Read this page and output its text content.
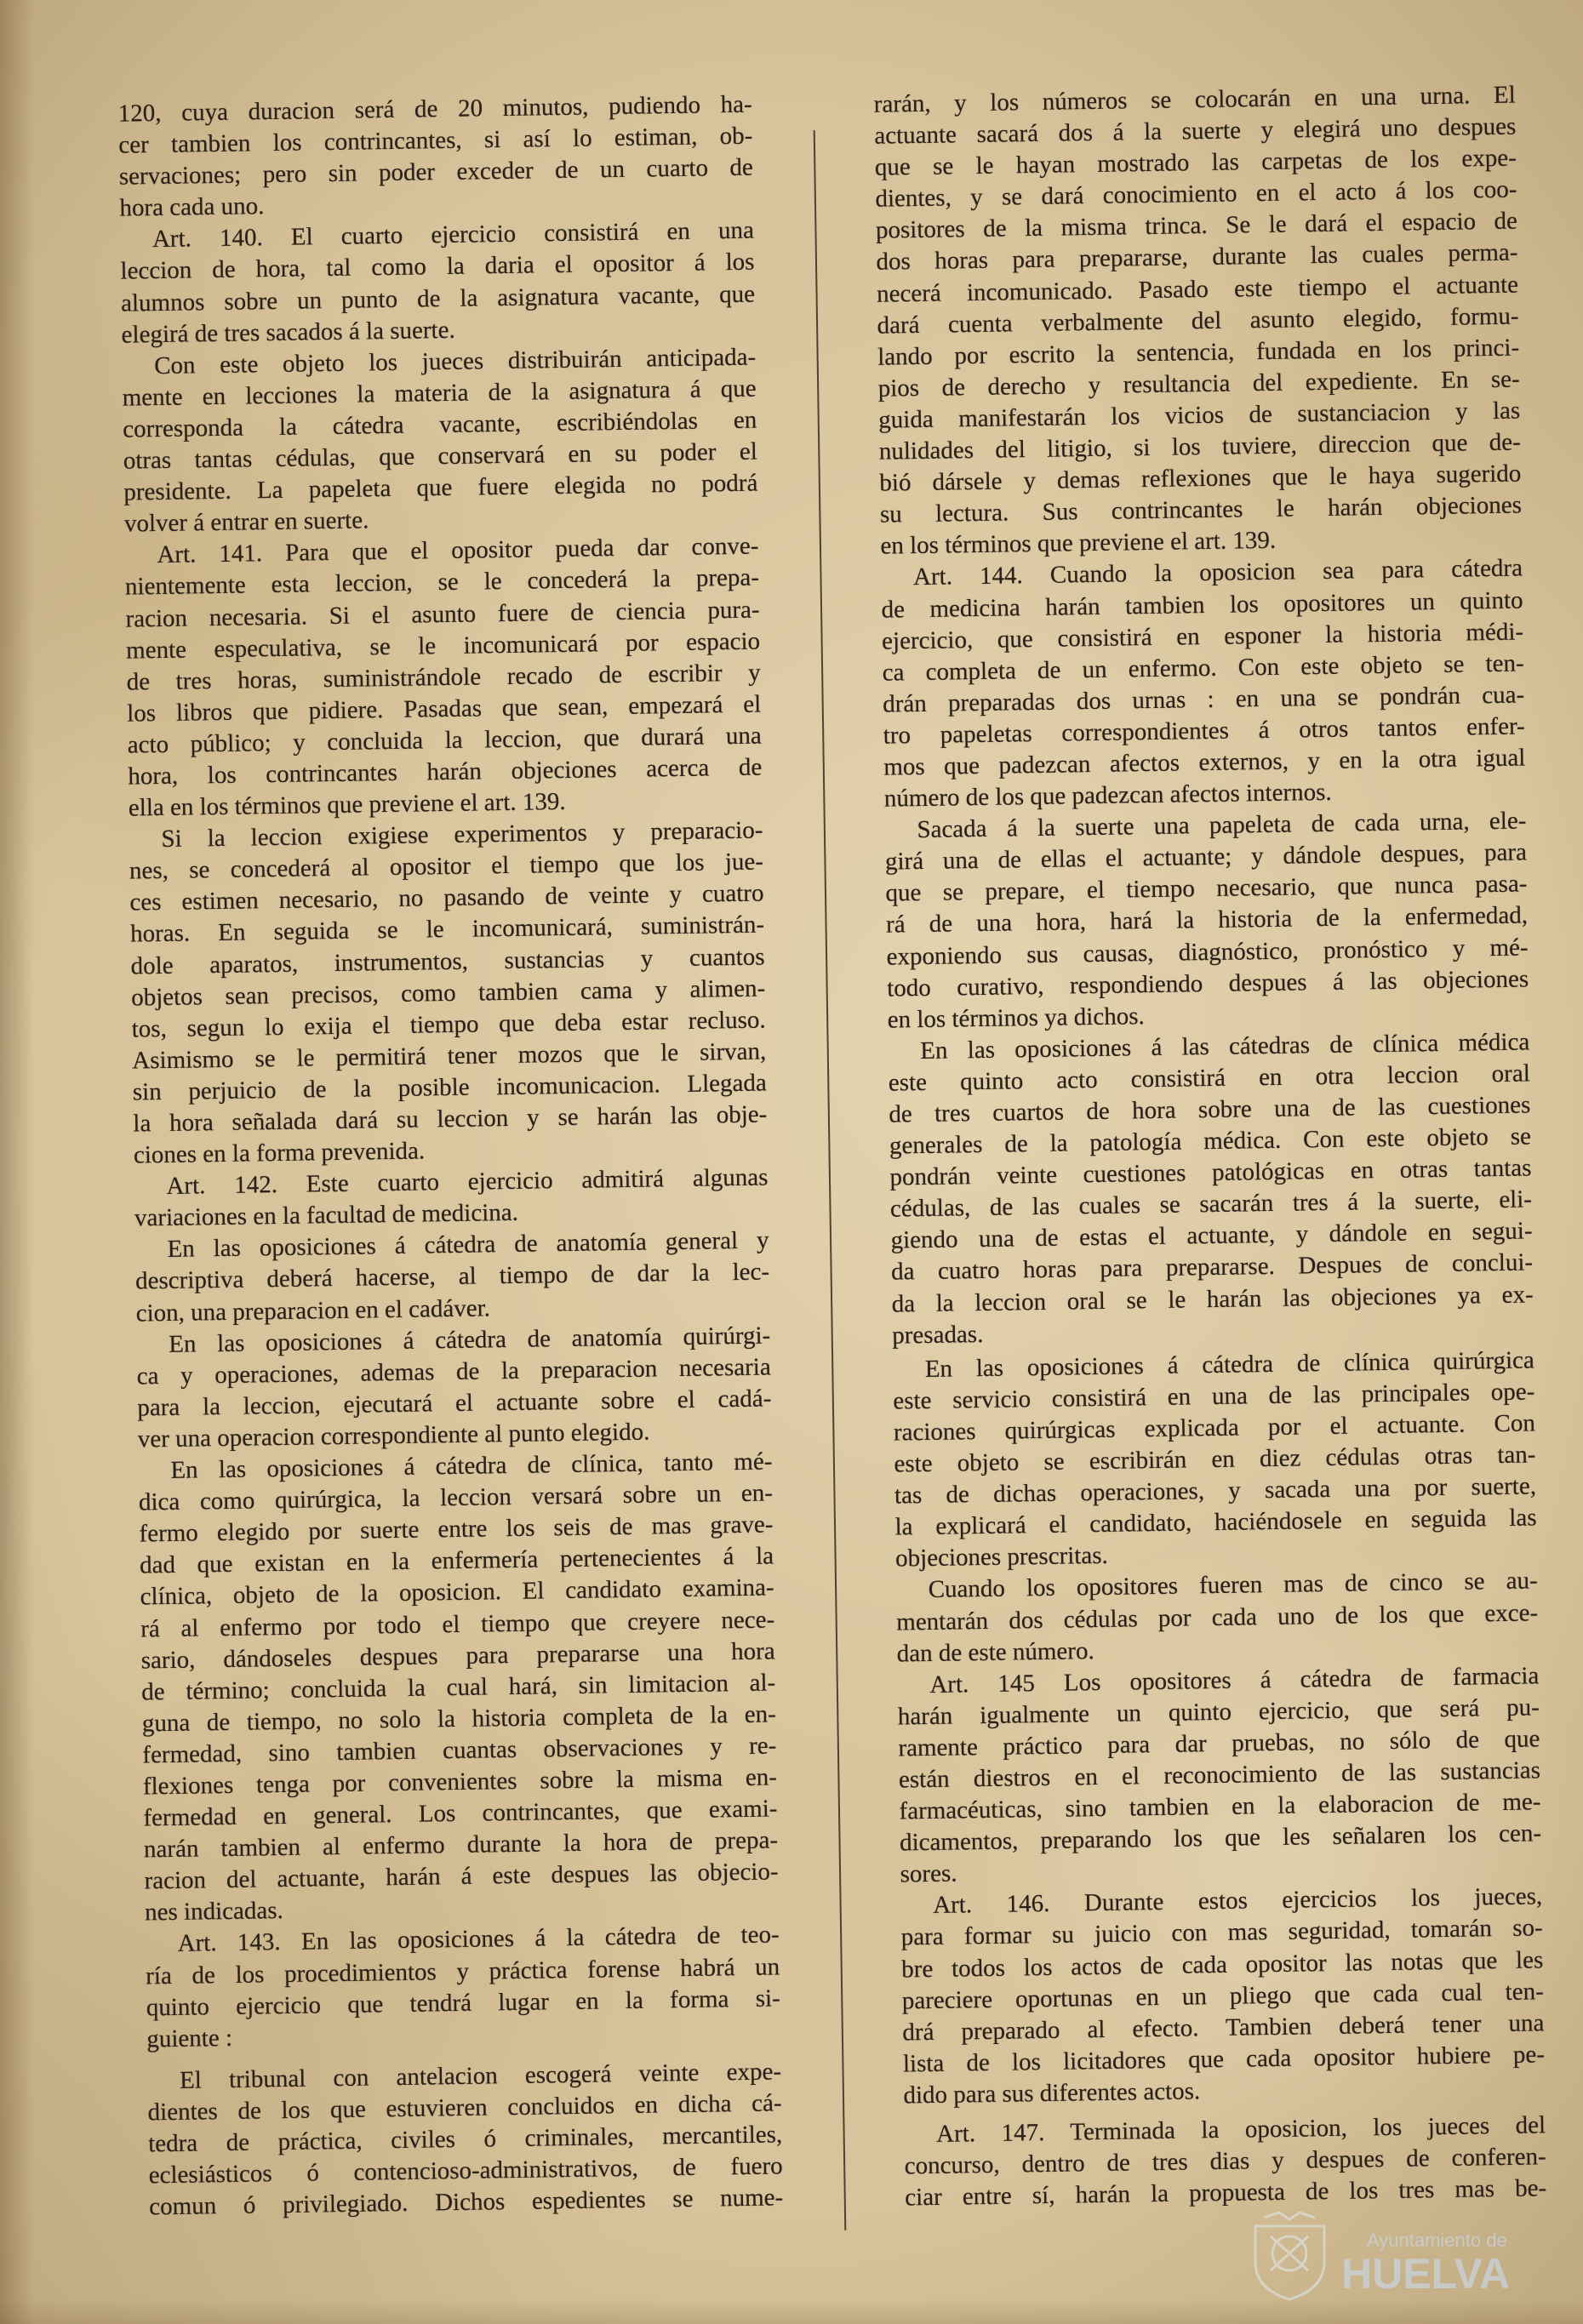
120, cuya duracion será de 20 minutos, pudiendo ha-
cer tambien los contrincantes, si así lo estiman, ob-
servaciones; pero sin poder exceder de un cuarto de
hora cada uno.
Art. 140. El cuarto ejercicio consistirá en una
leccion de hora, tal como la daria el opositor á los
alumnos sobre un punto de la asignatura vacante, que
elegirá de tres sacados á la suerte.
Con este objeto los jueces distribuirán anticipada-
mente en lecciones la materia de la asignatura á que
corresponda la cátedra vacante, escribiéndolas en
otras tantas cédulas, que conservará en su poder el
presidente. La papeleta que fuere elegida no podrá
volver á entrar en suerte.
Art. 141. Para que el opositor pueda dar conve-
nientemente esta leccion, se le concederá la prepa-
racion necesaria. Si el asunto fuere de ciencia pura-
mente especulativa, se le incomunicará por espacio
de tres horas, suministrándole recado de escribir y
los libros que pidiere. Pasadas que sean, empezará el
acto público; y concluida la leccion, que durará una
hora, los contrincantes harán objeciones acerca de
ella en los términos que previene el art. 139.
Si la leccion exigiese experimentos y preparacio-
nes, se concederá al opositor el tiempo que los jue-
ces estimen necesario, no pasando de veinte y cuatro
horas. En seguida se le incomunicará, suministrán-
dole aparatos, instrumentos, sustancias y cuantos
objetos sean precisos, como tambien cama y alimen-
tos, segun lo exija el tiempo que deba estar recluso.
Asimismo se le permitirá tener mozos que le sirvan,
sin perjuicio de la posible incomunicacion. Llegada
la hora señalada dará su leccion y se harán las obje-
ciones en la forma prevenida.
Art. 142. Este cuarto ejercicio admitirá algunas
variaciones en la facultad de medicina.
En las oposiciones á cátedra de anatomía general y
descriptiva deberá hacerse, al tiempo de dar la lec-
cion, una preparacion en el cadáver.
En las oposiciones á cátedra de anatomía quirúrgi-
ca y operaciones, ademas de la preparacion necesaria
para la leccion, ejecutará el actuante sobre el cadá-
ver una operacion correspondiente al punto elegido.
En las oposiciones á cátedra de clínica, tanto mé-
dica como quirúrgica, la leccion versará sobre un en-
fermo elegido por suerte entre los seis de mas grave-
dad que existan en la enfermería pertenecientes á la
clínica, objeto de la oposicion. El candidato examina-
rá al enfermo por todo el tiempo que creyere nece-
sario, dándoseles despues para prepararse una hora
de término; concluida la cual hará, sin limitacion al-
guna de tiempo, no solo la historia completa de la en-
fermedad, sino tambien cuantas observaciones y re-
flexiones tenga por convenientes sobre la misma en-
fermedad en general. Los contrincantes, que exami-
narán tambien al enfermo durante la hora de prepa-
racion del actuante, harán á este despues las objecio-
nes indicadas.
Art. 143. En las oposiciones á la cátedra de teo-
ría de los procedimientos y práctica forense habrá un
quinto ejercicio que tendrá lugar en la forma si-
guiente :
El tribunal con antelacion escogerá veinte expe-
dientes de los que estuvieren concluidos en dicha cá-
tedra de práctica, civiles ó criminales, mercantiles,
eclesiásticos ó contencioso-administrativos, de fuero
comun ó privilegiado. Dichos espedientes se nume-
rarán, y los números se colocarán en una urna. El
actuante sacará dos á la suerte y elegirá uno despues
que se le hayan mostrado las carpetas de los expe-
dientes, y se dará conocimiento en el acto á los coo-
positores de la misma trinca. Se le dará el espacio de
dos horas para prepararse, durante las cuales perma-
necerá incomunicado. Pasado este tiempo el actuante
dará cuenta verbalmente del asunto elegido, formu-
lando por escrito la sentencia, fundada en los princi-
pios de derecho y resultancia del expediente. En se-
guida manifestarán los vicios de sustanciacion y las
nulidades del litigio, si los tuviere, direccion que de-
bió dársele y demas reflexiones que le haya sugerido
su lectura. Sus contrincantes le harán objeciones
en los términos que previene el art. 139.
Art. 144. Cuando la oposicion sea para cátedra
de medicina harán tambien los opositores un quinto
ejercicio, que consistirá en esponer la historia médi-
ca completa de un enfermo. Con este objeto se ten-
drán preparadas dos urnas : en una se pondrán cua-
tro papeletas correspondientes á otros tantos enfer-
mos que padezcan afectos externos, y en la otra igual
número de los que padezcan afectos internos.
Sacada á la suerte una papeleta de cada urna, ele-
girá una de ellas el actuante; y dándole despues, para
que se prepare, el tiempo necesario, que nunca pasa-
rá de una hora, hará la historia de la enfermedad,
exponiendo sus causas, diagnóstico, pronóstico y mé-
todo curativo, respondiendo despues á las objeciones
en los términos ya dichos.
En las oposiciones á las cátedras de clínica médica
este quinto acto consistirá en otra leccion oral
de tres cuartos de hora sobre una de las cuestiones
generales de la patología médica. Con este objeto se
pondrán veinte cuestiones patológicas en otras tantas
cédulas, de las cuales se sacarán tres á la suerte, eli-
giendo una de estas el actuante, y dándole en segui-
da cuatro horas para prepararse. Despues de conclui-
da la leccion oral se le harán las objeciones ya ex-
presadas.
En las oposiciones á cátedra de clínica quirúrgica
este servicio consistirá en una de las principales ope-
raciones quirúrgicas explicada por el actuante. Con
este objeto se escribirán en diez cédulas otras tan-
tas de dichas operaciones, y sacada una por suerte,
la explicará el candidato, haciéndosele en seguida las
objeciones prescritas.
Cuando los opositores fueren mas de cinco se au-
mentarán dos cédulas por cada uno de los que exce-
dan de este número.
Art. 145 Los opositores á cátedra de farmacia
harán igualmente un quinto ejercicio, que será pu-
ramente práctico para dar pruebas, no sólo de que
están diestros en el reconocimiento de las sustancias
farmacéuticas, sino tambien en la elaboracion de me-
dicamentos, preparando los que les señalaren los cen-
sores.
Art. 146. Durante estos ejercicios los jueces,
para formar su juicio con mas seguridad, tomarán so-
bre todos los actos de cada opositor las notas que les
pareciere oportunas en un pliego que cada cual ten-
drá preparado al efecto. Tambien deberá tener una
lista de los licitadores que cada opositor hubiere pe-
dido para sus diferentes actos.
Art. 147. Terminada la oposicion, los jueces del
concurso, dentro de tres dias y despues de conferen-
ciar entre sí, harán la propuesta de los tres mas be-
Ayuntamiento de
HUELVA
